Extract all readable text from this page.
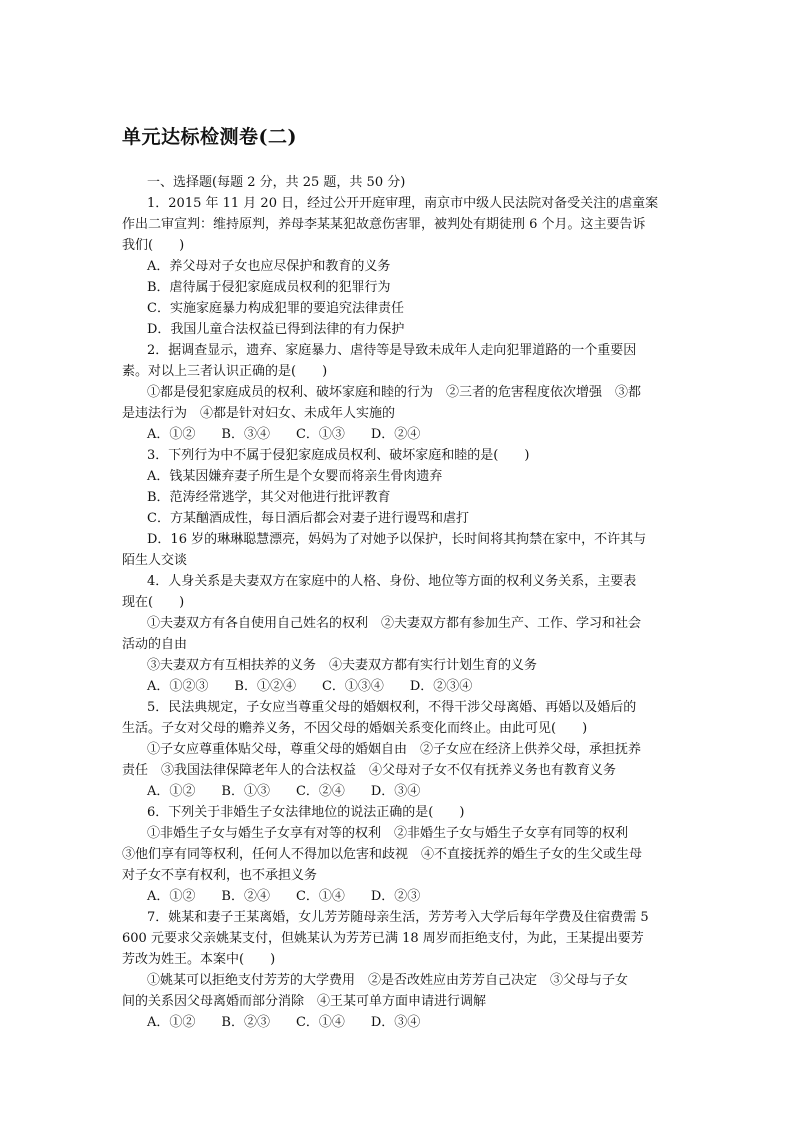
单元达标检测卷(二)
一、选择题(每题 2 分，共 25 题，共 50 分)
1．2015 年 11 月 20 日，经过公开开庭审理，南京市中级人民法院对备受关注的虐童案
作出二审宣判：维持原判，养母李某某犯故意伤害罪，被判处有期徒刑 6 个月。这主要告诉
我们(　　)
A．养父母对子女也应尽保护和教育的义务
B．虐待属于侵犯家庭成员权利的犯罪行为
C．实施家庭暴力构成犯罪的要追究法律责任
D．我国儿童合法权益已得到法律的有力保护
2．据调查显示，遗弃、家庭暴力、虐待等是导致未成年人走向犯罪道路的一个重要因
素。对以上三者认识正确的是(　　)
①都是侵犯家庭成员的权利、破坏家庭和睦的行为　②三者的危害程度依次增强　③都
是违法行为　④都是针对妇女、未成年人实施的
A．①②　　B．③④　　C．①③　　D．②④
3．下列行为中不属于侵犯家庭成员权利、破坏家庭和睦的是(　　)
A．钱某因嫌弃妻子所生是个女婴而将亲生骨肉遗弃
B．范涛经常逃学，其父对他进行批评教育
C．方某酗酒成性，每日酒后都会对妻子进行谩骂和虐打
D．16 岁的琳琳聪慧漂亮，妈妈为了对她予以保护，长时间将其拘禁在家中，不许其与
陌生人交谈
4．人身关系是夫妻双方在家庭中的人格、身份、地位等方面的权利义务关系，主要表
现在(　　)
①夫妻双方有各自使用自己姓名的权利　②夫妻双方都有参加生产、工作、学习和社会
活动的自由
③夫妻双方有互相扶养的义务　④夫妻双方都有实行计划生育的义务
A．①②③　　B．①②④　　C．①③④　　D．②③④
5．民法典规定，子女应当尊重父母的婚姻权利，不得干涉父母离婚、再婚以及婚后的
生活。子女对父母的赡养义务，不因父母的婚姻关系变化而终止。由此可见(　　)
①子女应尊重体贴父母，尊重父母的婚姻自由　②子女应在经济上供养父母，承担抚养
责任　③我国法律保障老年人的合法权益　④父母对子女不仅有抚养义务也有教育义务
A．①②　　B．①③　　C．②④　　D．③④
6．下列关于非婚生子女法律地位的说法正确的是(　　)
①非婚生子女与婚生子女享有对等的权利　②非婚生子女与婚生子女享有同等的权利
③他们享有同等权利，任何人不得加以危害和歧视　④不直接抚养的婚生子女的生父或生母
对子女不享有权利，也不承担义务
A．①②　　B．②④　　C．①④　　D．②③
7．姚某和妻子王某离婚，女儿芳芳随母亲生活，芳芳考入大学后每年学费及住宿费需 5
600 元要求父亲姚某支付，但姚某认为芳芳已满 18 周岁而拒绝支付，为此，王某提出要芳
芳改为姓王。本案中(　　)
①姚某可以拒绝支付芳芳的大学费用　②是否改姓应由芳芳自己决定　③父母与子女
间的关系因父母离婚而部分消除　④王某可单方面申请进行调解
A．①②　　B．②③　　C．①④　　D．③④
